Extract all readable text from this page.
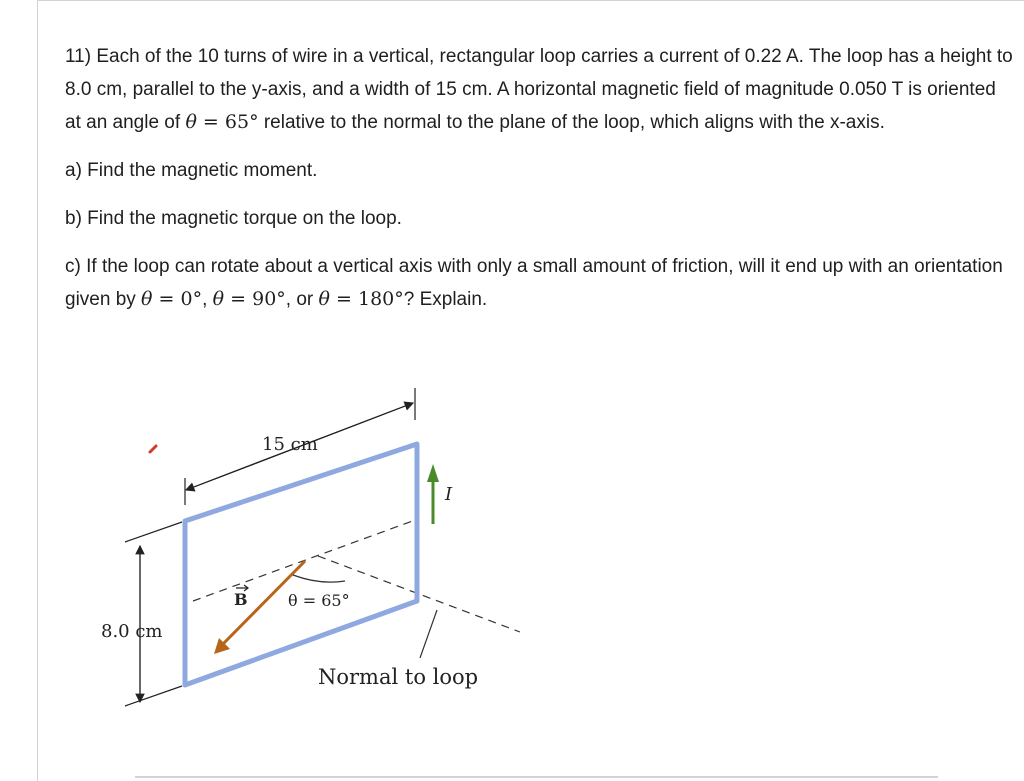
11) Each of the 10 turns of wire in a vertical, rectangular loop carries a current of 0.22 A. The loop has a height to 8.0 cm, parallel to the y-axis, and a width of 15 cm. A horizontal magnetic field of magnitude 0.050 T is oriented at an angle of θ = 65° relative to the normal to the plane of the loop, which aligns with the x-axis.

a) Find the magnetic moment.

b) Find the magnetic torque on the loop.

c) If the loop can rotate about a vertical axis with only a small amount of friction, will it end up with an orientation given by θ = 0°, θ = 90°, or θ = 180°? Explain.

15 cm
8.0 cm
I
B	θ = 65°
Normal to loop
